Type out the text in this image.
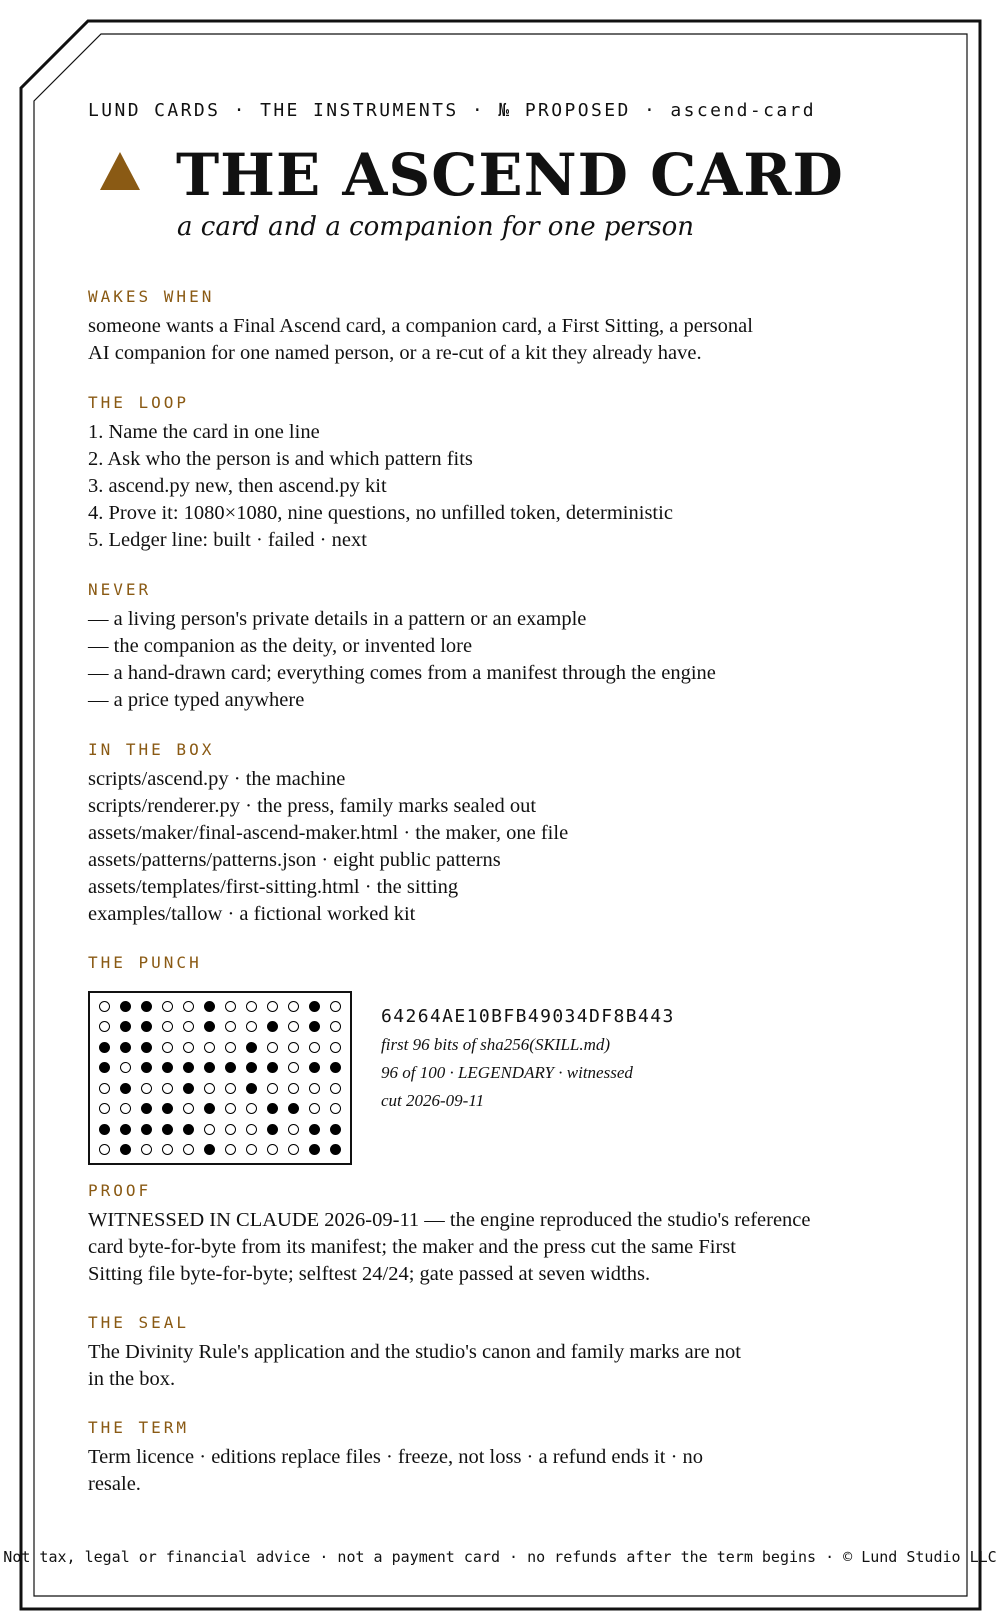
LUND CARDS · THE INSTRUMENTS · № PROPOSED · ascend-card
THE ASCEND CARD
a card and a companion for one person
WAKES WHEN
someone wants a Final Ascend card, a companion card, a First Sitting, a personal
AI companion for one named person, or a re-cut of a kit they already have.
THE LOOP
1. Name the card in one line
2. Ask who the person is and which pattern fits
3. ascend.py new, then ascend.py kit
4. Prove it: 1080×1080, nine questions, no unfilled token, deterministic
5. Ledger line: built · failed · next
NEVER
— a living person's private details in a pattern or an example
— the companion as the deity, or invented lore
— a hand-drawn card; everything comes from a manifest through the engine
— a price typed anywhere
IN THE BOX
scripts/ascend.py · the machine
scripts/renderer.py · the press, family marks sealed out
assets/maker/final-ascend-maker.html · the maker, one file
assets/patterns/patterns.json · eight public patterns
assets/templates/first-sitting.html · the sitting
examples/tallow · a fictional worked kit
THE PUNCH
64264AE10BFB49034DF8B443
first 96 bits of sha256(SKILL.md)
96 of 100 · LEGENDARY · witnessed
cut 2026-09-11
PROOF
WITNESSED IN CLAUDE 2026-09-11 — the engine reproduced the studio's reference
card byte-for-byte from its manifest; the maker and the press cut the same First
Sitting file byte-for-byte; selftest 24/24; gate passed at seven widths.
THE SEAL
The Divinity Rule's application and the studio's canon and family marks are not
in the box.
THE TERM
Term licence · editions replace files · freeze, not loss · a refund ends it · no
resale.
Not tax, legal or financial advice · not a payment card · no refunds after the term begins · © Lund Studio LLC
